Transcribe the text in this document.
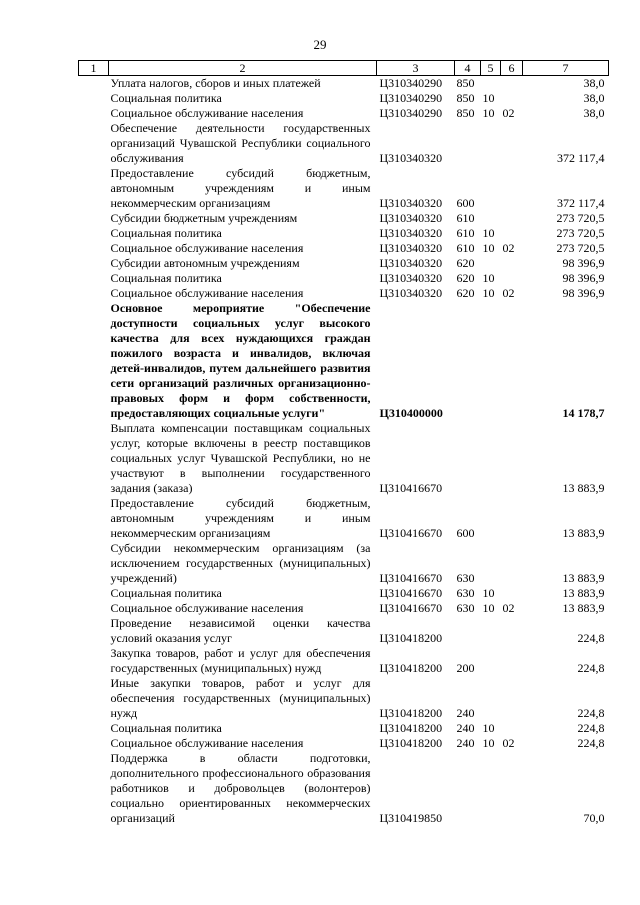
29
1	2	3	4	5	6	7
	Уплата налогов, сборов и иных платежей	Ц310340290	850			38,0
	Социальная политика	Ц310340290	850	10		38,0
	Социальное обслуживание населения	Ц310340290	850	10	02	38,0
	Обеспечение деятельности государственных организаций Чувашской Республики социального обслуживания	Ц310340320				372 117,4
	Предоставление субсидий бюджетным, автономным учреждениям и иным некоммерческим организациям	Ц310340320	600			372 117,4
	Субсидии бюджетным учреждениям	Ц310340320	610			273 720,5
	Социальная политика	Ц310340320	610	10		273 720,5
	Социальное обслуживание населения	Ц310340320	610	10	02	273 720,5
	Субсидии автономным учреждениям	Ц310340320	620			98 396,9
	Социальная политика	Ц310340320	620	10		98 396,9
	Социальное обслуживание населения	Ц310340320	620	10	02	98 396,9
	Основное мероприятие "Обеспечение доступности социальных услуг высокого качества для всех нуждающихся граждан пожилого возраста и инвалидов, включая детей-инвалидов, путем дальнейшего развития сети организаций различных организационно-правовых форм и форм собственности, предоставляющих социальные услуги"	Ц310400000				14 178,7
	Выплата компенсации поставщикам социальных услуг, которые включены в реестр поставщиков социальных услуг Чувашской Республики, но не участвуют в выполнении государственного задания (заказа)	Ц310416670				13 883,9
	Предоставление субсидий бюджетным, автономным учреждениям и иным некоммерческим организациям	Ц310416670	600			13 883,9
	Субсидии некоммерческим организациям (за исключением государственных (муниципальных) учреждений)	Ц310416670	630			13 883,9
	Социальная политика	Ц310416670	630	10		13 883,9
	Социальное обслуживание населения	Ц310416670	630	10	02	13 883,9
	Проведение независимой оценки качества условий оказания услуг	Ц310418200				224,8
	Закупка товаров, работ и услуг для обеспечения государственных (муниципальных) нужд	Ц310418200	200			224,8
	Иные закупки товаров, работ и услуг для обеспечения государственных (муниципальных) нужд	Ц310418200	240			224,8
	Социальная политика	Ц310418200	240	10		224,8
	Социальное обслуживание населения	Ц310418200	240	10	02	224,8
	Поддержка в области подготовки, дополнительного профессионального образования работников и добровольцев (волонтеров) социально ориентированных некоммерческих организаций	Ц310419850				70,0
